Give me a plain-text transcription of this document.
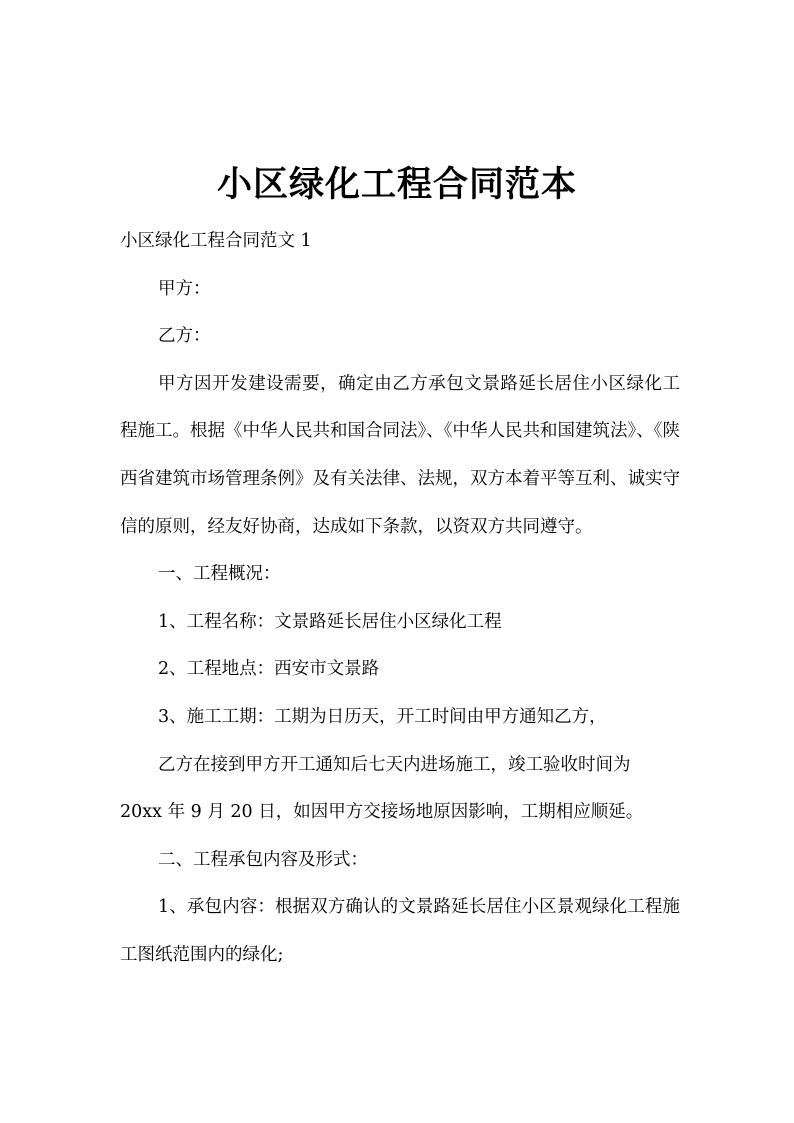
小区绿化工程合同范本

小区绿化工程合同范文 1

甲方：

乙方：

甲方因开发建设需要，确定由乙方承包文景路延长居住小区绿化工程施工。根据《中华人民共和国合同法》、《中华人民共和国建筑法》、《陕西省建筑市场管理条例》及有关法律、法规，双方本着平等互利、诚实守信的原则，经友好协商，达成如下条款，以资双方共同遵守。

一、工程概况：

1、工程名称：文景路延长居住小区绿化工程

2、工程地点：西安市文景路

3、施工工期：工期为日历天，开工时间由甲方通知乙方，

乙方在接到甲方开工通知后七天内进场施工，竣工验收时间为

20xx 年 9 月 20 日，如因甲方交接场地原因影响，工期相应顺延。

二、工程承包内容及形式：

1、承包内容：根据双方确认的文景路延长居住小区景观绿化工程施工图纸范围内的绿化;
